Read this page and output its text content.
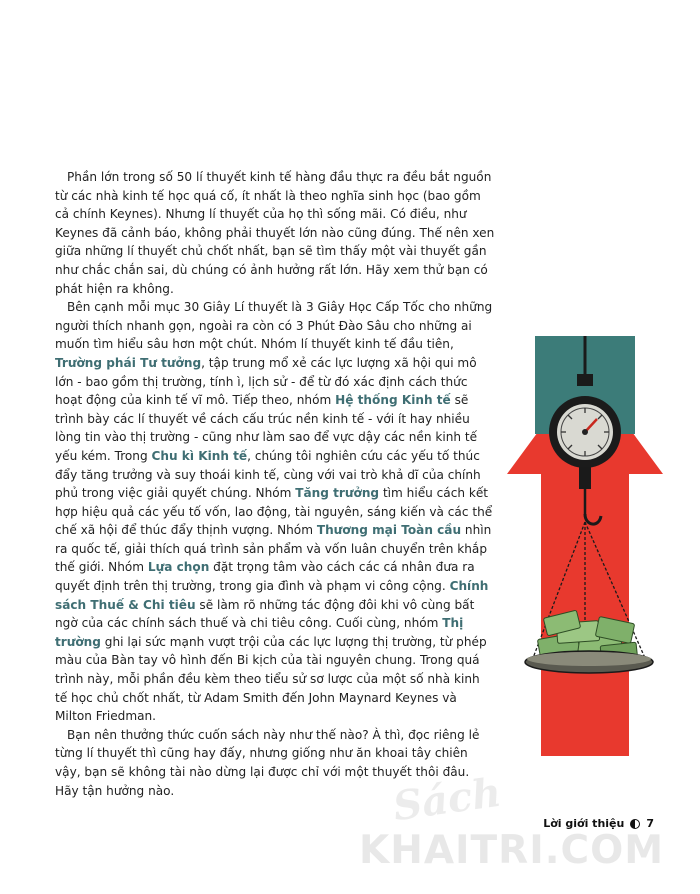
Phần lớn trong số 50 lí thuyết kinh tế hàng đầu thực ra đều bắt nguồn từ các nhà kinh tế học quá cố, ít nhất là theo nghĩa sinh học (bao gồm cả chính Keynes). Nhưng lí thuyết của họ thì sống mãi. Có điều, như Keynes đã cảnh báo, không phải thuyết lớn nào cũng đúng. Thế nên xen giữa những lí thuyết chủ chốt nhất, bạn sẽ tìm thấy một vài thuyết gần như chắc chắn sai, dù chúng có ảnh hưởng rất lớn. Hãy xem thử bạn có phát hiện ra không.

Bên cạnh mỗi mục 30 Giây Lí thuyết là 3 Giây Học Cấp Tốc cho những người thích nhanh gọn, ngoài ra còn có 3 Phút Đào Sâu cho những ai muốn tìm hiểu sâu hơn một chút. Nhóm lí thuyết kinh tế đầu tiên, Trường phái Tư tưởng, tập trung mổ xẻ các lực lượng xã hội qui mô lớn - bao gồm thị trường, tính ì, lịch sử - để từ đó xác định cách thức hoạt động của kinh tế vĩ mô. Tiếp theo, nhóm Hệ thống Kinh tế sẽ trình bày các lí thuyết về cách cấu trúc nền kinh tế - với ít hay nhiều lòng tin vào thị trường - cũng như làm sao để vực dậy các nền kinh tế yếu kém. Trong Chu kì Kinh tế, chúng tôi nghiên cứu các yếu tố thúc đẩy tăng trưởng và suy thoái kinh tế, cùng với vai trò khả dĩ của chính phủ trong việc giải quyết chúng. Nhóm Tăng trưởng tìm hiểu cách kết hợp hiệu quả các yếu tố vốn, lao động, tài nguyên, sáng kiến và các thể chế xã hội để thúc đẩy thịnh vượng. Nhóm Thương mại Toàn cầu nhìn ra quốc tế, giải thích quá trình sản phẩm và vốn luân chuyển trên khắp thế giới. Nhóm Lựa chọn đặt trọng tâm vào cách các cá nhân đưa ra quyết định trên thị trường, trong gia đình và phạm vi công cộng. Chính sách Thuế & Chi tiêu sẽ làm rõ những tác động đôi khi vô cùng bất ngờ của các chính sách thuế và chi tiêu công. Cuối cùng, nhóm Thị trường ghi lại sức mạnh vượt trội của các lực lượng thị trường, từ phép màu của Bàn tay vô hình đến Bi kịch của tài nguyên chung. Trong quá trình này, mỗi phần đều kèm theo tiểu sử sơ lược của một số nhà kinh tế học chủ chốt nhất, từ Adam Smith đến John Maynard Keynes và Milton Friedman.

Bạn nên thưởng thức cuốn sách này như thế nào? À thì, đọc riêng lẻ từng lí thuyết thì cũng hay đấy, nhưng giống như ăn khoai tây chiên vậy, bạn sẽ không tài nào dừng lại được chỉ với một thuyết thôi đâu. Hãy tận hưởng nào.

Lời giới thiệu 7
Sách
KHAITRI.COM
